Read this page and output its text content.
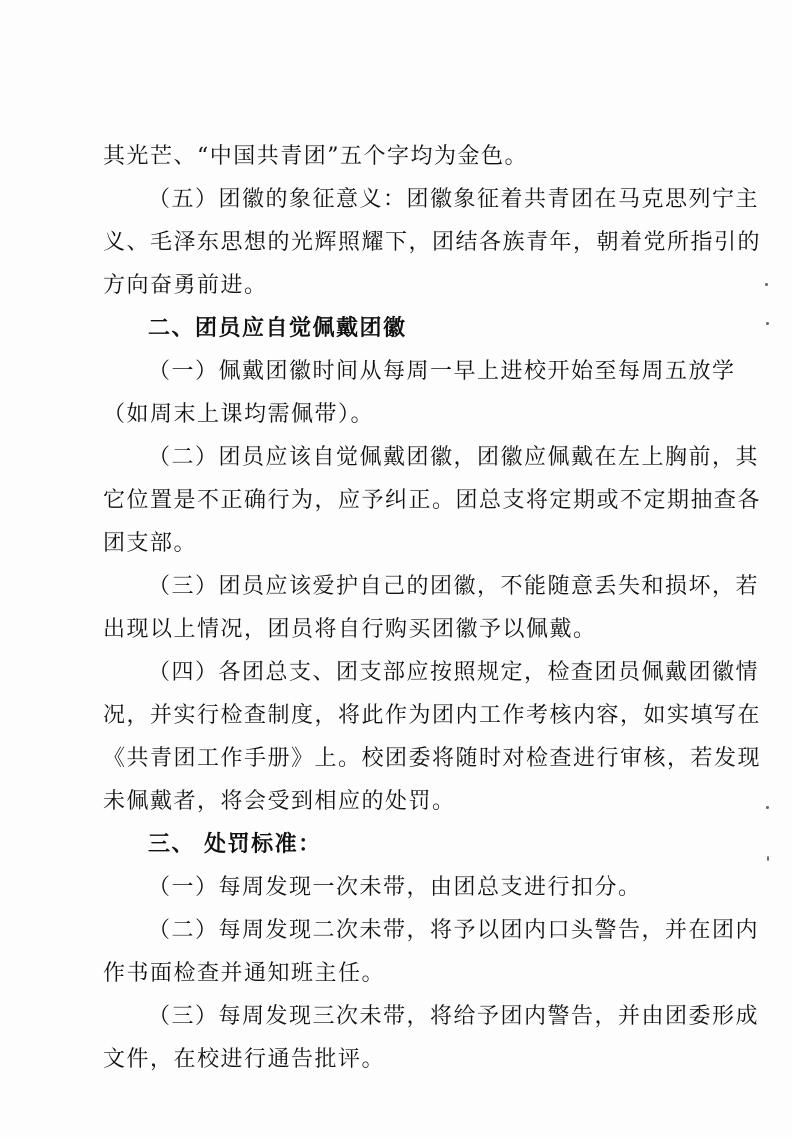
其光芒、“中国共青团”五个字均为金色。
（五）团徽的象征意义：团徽象征着共青团在马克思列宁主
义、毛泽东思想的光辉照耀下，团结各族青年，朝着党所指引的
方向奋勇前进。
二、团员应自觉佩戴团徽
（一）佩戴团徽时间从每周一早上进校开始至每周五放学
（如周末上课均需佩带）。
（二）团员应该自觉佩戴团徽，团徽应佩戴在左上胸前，其
它位置是不正确行为，应予纠正。团总支将定期或不定期抽查各
团支部。
（三）团员应该爱护自己的团徽，不能随意丢失和损坏，若
出现以上情况，团员将自行购买团徽予以佩戴。
（四）各团总支、团支部应按照规定，检查团员佩戴团徽情
况，并实行检查制度，将此作为团内工作考核内容，如实填写在
《共青团工作手册》上。校团委将随时对检查进行审核，若发现
未佩戴者，将会受到相应的处罚。
三、 处罚标准：
（一）每周发现一次未带，由团总支进行扣分。
（二）每周发现二次未带，将予以团内口头警告，并在团内
作书面检查并通知班主任。
（三）每周发现三次未带，将给予团内警告，并由团委形成
文件，在校进行通告批评。
